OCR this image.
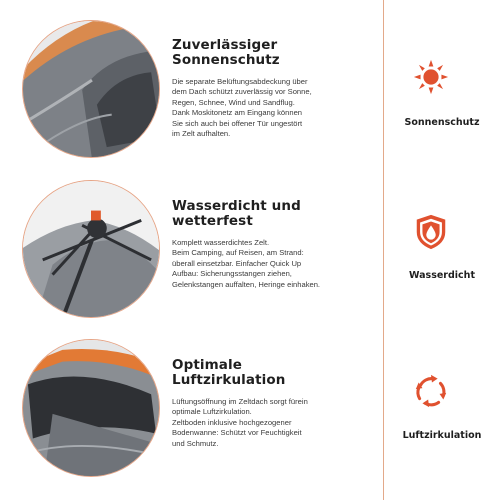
Zuverlässiger
Sonnenschutz
Die separate Belüftungsabdeckung über
dem Dach schützt zuverlässig vor Sonne,
Regen, Schnee, Wind und Sandflug.
Dank Moskitonetz am Eingang können
Sie sich auch bei offener Tür ungestört
im Zelt aufhalten.
Wasserdicht und
wetterfest
Komplett wasserdichtes Zelt.
Beim Camping, auf Reisen, am Strand:
überall einsetzbar. Einfacher Quick Up
Aufbau: Sicherungsstangen ziehen,
Gelenkstangen auffalten, Heringe einhaken.
Optimale
Luftzirkulation
Lüftungsöffnung im Zeltdach sorgt fürein
optimale Luftzirkulation.
Zeltboden inklusive hochgezogener
Bodenwanne: Schützt vor Feuchtigkeit
und Schmutz.
Sonnenschutz
Wasserdicht
Luftzirkulation
